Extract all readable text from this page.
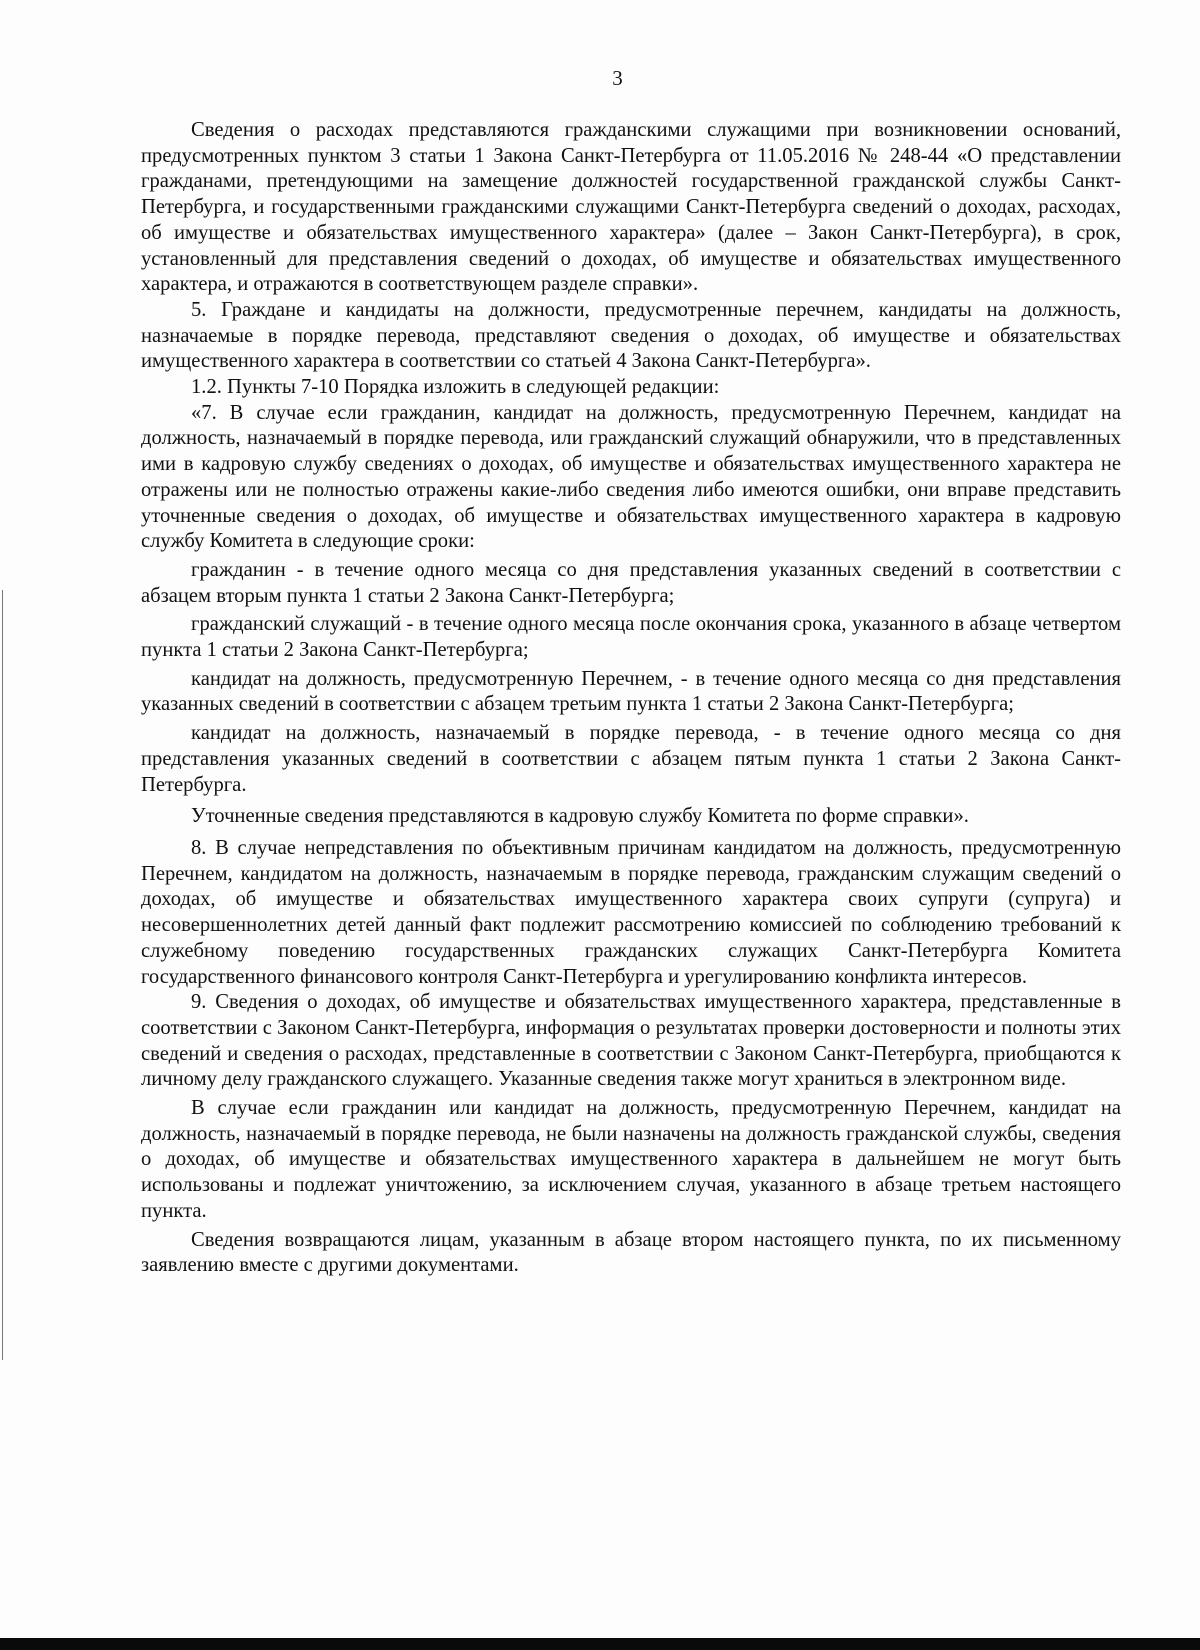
3

Сведения о расходах представляются гражданскими служащими при возникновении оснований, предусмотренных пунктом 3 статьи 1 Закона Санкт-Петербурга от 11.05.2016 № 248-44 «О представлении гражданами, претендующими на замещение должностей государственной гражданской службы Санкт-Петербурга, и государственными гражданскими служащими Санкт-Петербурга сведений о доходах, расходах, об имуществе и обязательствах имущественного характера» (далее – Закон Санкт-Петербурга), в срок, установленный для представления сведений о доходах, об имуществе и обязательствах имущественного характера, и отражаются в соответствующем разделе справки».

5. Граждане и кандидаты на должности, предусмотренные перечнем, кандидаты на должность, назначаемые в порядке перевода, представляют сведения о доходах, об имуществе и обязательствах имущественного характера в соответствии со статьей 4 Закона Санкт-Петербурга».

1.2. Пункты 7-10 Порядка изложить в следующей редакции:

«7. В случае если гражданин, кандидат на должность, предусмотренную Перечнем, кандидат на должность, назначаемый в порядке перевода, или гражданский служащий обнаружили, что в представленных ими в кадровую службу сведениях о доходах, об имуществе и обязательствах имущественного характера не отражены или не полностью отражены какие-либо сведения либо имеются ошибки, они вправе представить уточненные сведения о доходах, об имуществе и обязательствах имущественного характера в кадровую службу Комитета в следующие сроки:

гражданин - в течение одного месяца со дня представления указанных сведений в соответствии с абзацем вторым пункта 1 статьи 2 Закона Санкт-Петербурга;

гражданский служащий - в течение одного месяца после окончания срока, указанного в абзаце четвертом пункта 1 статьи 2 Закона Санкт-Петербурга;

кандидат на должность, предусмотренную Перечнем, - в течение одного месяца со дня представления указанных сведений в соответствии с абзацем третьим пункта 1 статьи 2 Закона Санкт-Петербурга;

кандидат на должность, назначаемый в порядке перевода, - в течение одного месяца со дня представления указанных сведений в соответствии с абзацем пятым пункта 1 статьи 2 Закона Санкт-Петербурга.

Уточненные сведения представляются в кадровую службу Комитета по форме справки».

8. В случае непредставления по объективным причинам кандидатом на должность, предусмотренную Перечнем, кандидатом на должность, назначаемым в порядке перевода, гражданским служащим сведений о доходах, об имуществе и обязательствах имущественного характера своих супруги (супруга) и несовершеннолетних детей данный факт подлежит рассмотрению комиссией по соблюдению требований к служебному поведению государственных гражданских служащих Санкт-Петербурга Комитета государственного финансового контроля Санкт-Петербурга и урегулированию конфликта интересов.

9. Сведения о доходах, об имуществе и обязательствах имущественного характера, представленные в соответствии с Законом Санкт-Петербурга, информация о результатах проверки достоверности и полноты этих сведений и сведения о расходах, представленные в соответствии с Законом Санкт-Петербурга, приобщаются к личному делу гражданского служащего. Указанные сведения также могут храниться в электронном виде.

В случае если гражданин или кандидат на должность, предусмотренную Перечнем, кандидат на должность, назначаемый в порядке перевода, не были назначены на должность гражданской службы, сведения о доходах, об имуществе и обязательствах имущественного характера в дальнейшем не могут быть использованы и подлежат уничтожению, за исключением случая, указанного в абзаце третьем настоящего пункта.

Сведения возвращаются лицам, указанным в абзаце втором настоящего пункта, по их письменному заявлению вместе с другими документами.
